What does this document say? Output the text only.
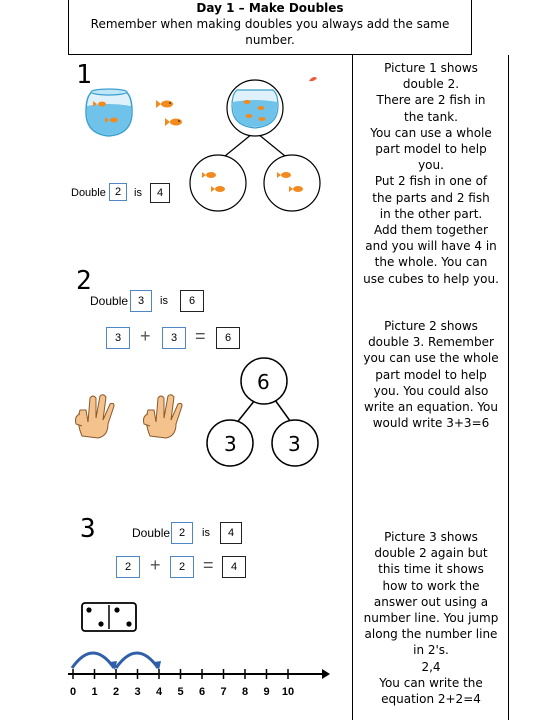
Day 1 – Make Doubles
Remember when making doubles you always add the same number.
Picture 1 shows
double 2.
There are 2 fish in
the tank.
You can use a whole
part model to help
you.
Put 2 fish in one of
the parts and 2 fish
in the other part.
Add them together
and you will have 4 in
the whole. You can
use cubes to help you.
Picture 2 shows
double 3. Remember
you can use the whole
part model to help
you. You could also
write an equation. You
would write 3+3=6
Picture 3 shows
double 2 again but
this time it shows
how to work the
answer out using a
number line. You jump
along the number line
in 2's.
2,4
You can write the
equation 2+2=4
1
Double 2	is	4
2
Double 3	is	6
3	+	3 =	6
6
3	3
3	Double 2	is	4
2	+	2 =	4
0 1 2 3 4 5 6 7 8 9 10
